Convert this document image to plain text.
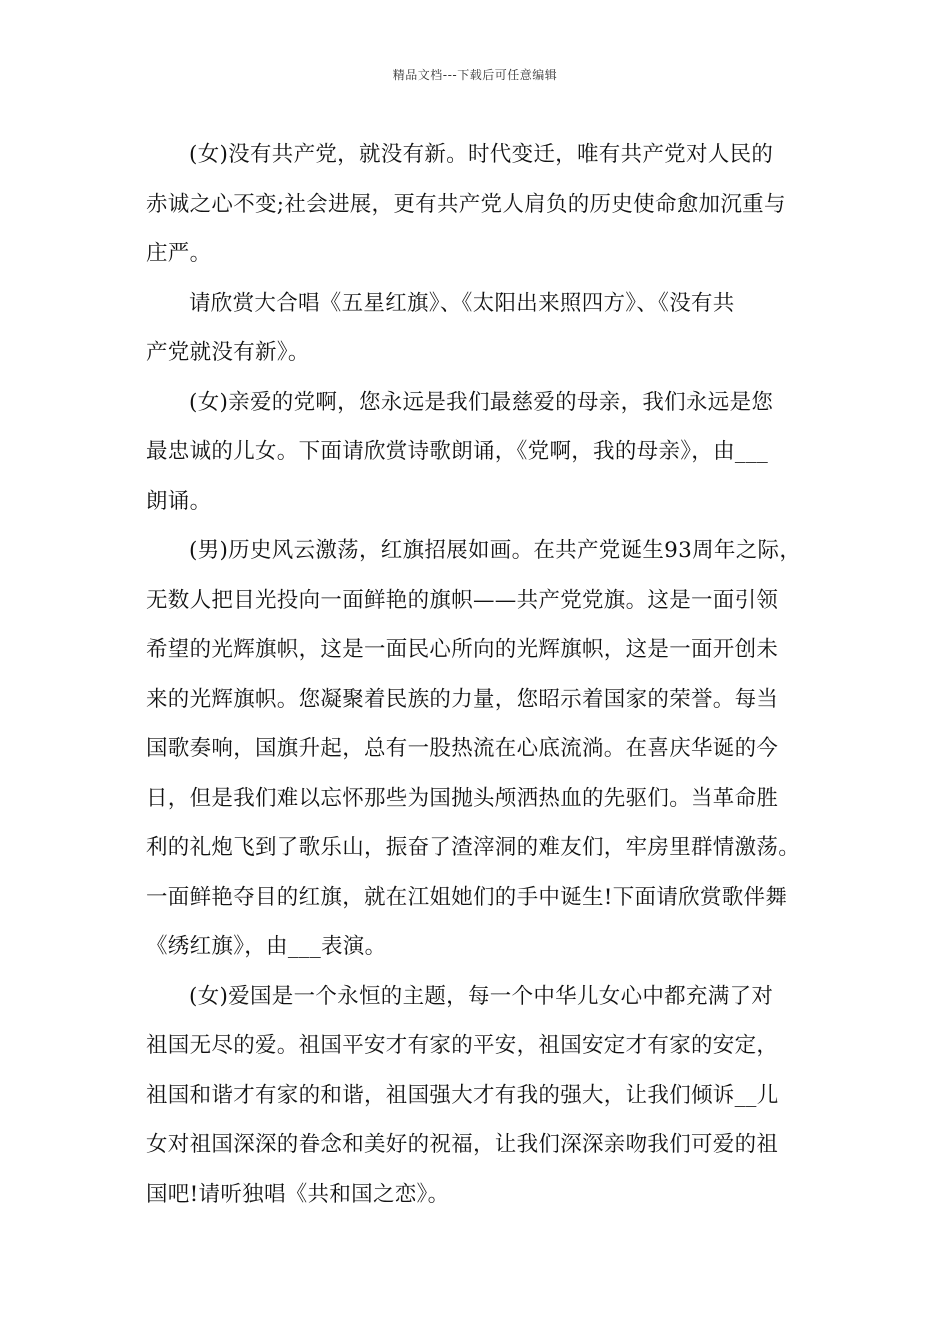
精品文档---下载后可任意编辑

(女)没有共产党，就没有新。时代变迁，唯有共产党对人民的
赤诚之心不变;社会进展，更有共产党人肩负的历史使命愈加沉重与
庄严。

请欣赏大合唱《五星红旗》、《太阳出来照四方》、《没有共
产党就没有新》。

(女)亲爱的党啊，您永远是我们最慈爱的母亲，我们永远是您
最忠诚的儿女。下面请欣赏诗歌朗诵，《党啊，我的母亲》，由___
朗诵。

(男)历史风云激荡，红旗招展如画。在共产党诞生93周年之际，
无数人把目光投向一面鲜艳的旗帜——共产党党旗。这是一面引领
希望的光辉旗帜，这是一面民心所向的光辉旗帜，这是一面开创未
来的光辉旗帜。您凝聚着民族的力量，您昭示着国家的荣誉。每当
国歌奏响，国旗升起，总有一股热流在心底流淌。在喜庆华诞的今
日，但是我们难以忘怀那些为国抛头颅洒热血的先驱们。当革命胜
利的礼炮飞到了歌乐山，振奋了渣滓洞的难友们，牢房里群情激荡。
一面鲜艳夺目的红旗，就在江姐她们的手中诞生!下面请欣赏歌伴舞
《绣红旗》，由___表演。

(女)爱国是一个永恒的主题，每一个中华儿女心中都充满了对
祖国无尽的爱。祖国平安才有家的平安，祖国安定才有家的安定，
祖国和谐才有家的和谐，祖国强大才有我的强大，让我们倾诉__儿
女对祖国深深的眷念和美好的祝福，让我们深深亲吻我们可爱的祖
国吧!请听独唱《共和国之恋》。
